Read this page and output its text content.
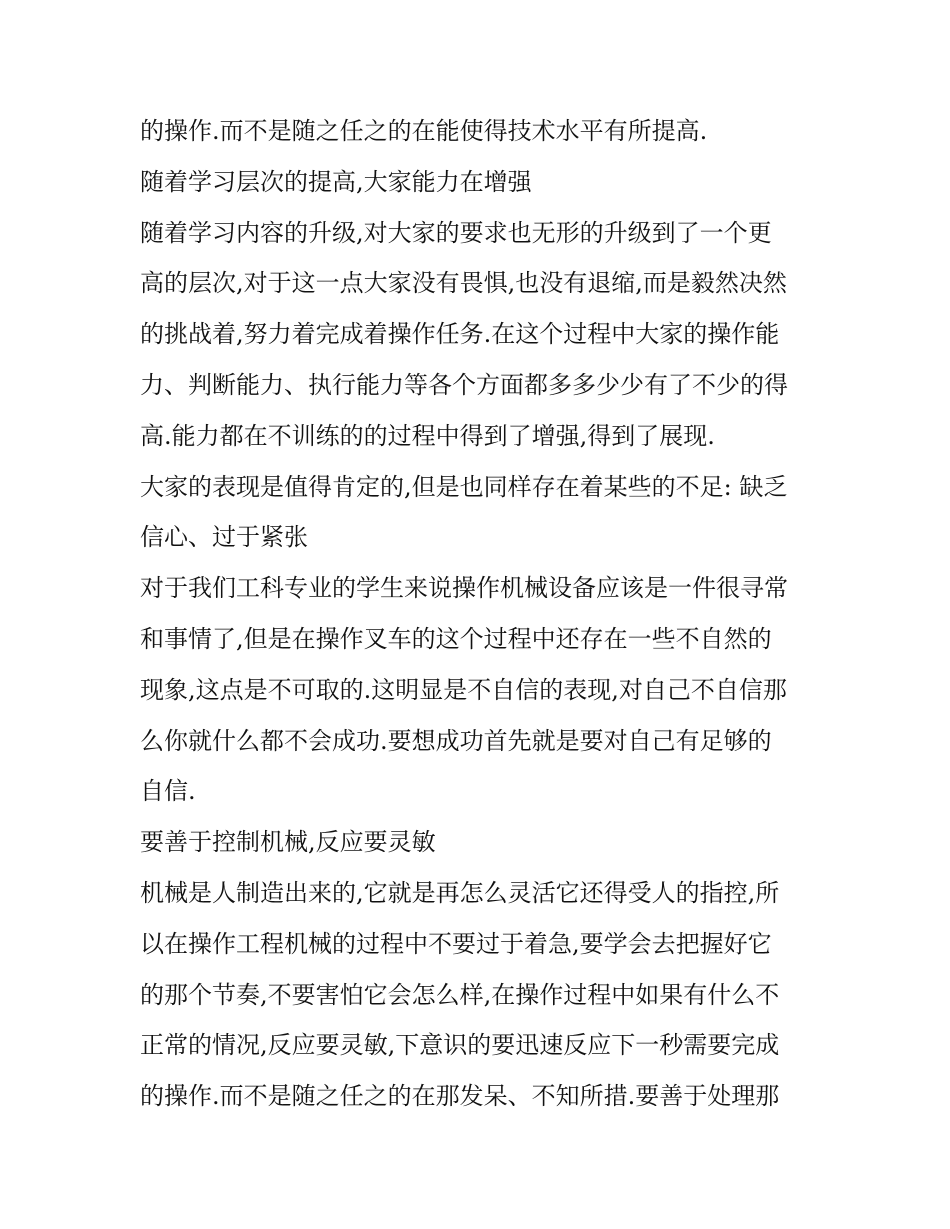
的操作.而不是随之任之的在能使得技术水平有所提高.

随着学习层次的提高,大家能力在增强

随着学习内容的升级,对大家的要求也无形的升级到了一个更

高的层次,对于这一点大家没有畏惧,也没有退缩,而是毅然决然

的挑战着,努力着完成着操作任务.在这个过程中大家的操作能

力、判断能力、执行能力等各个方面都多多少少有了不少的得

高.能力都在不训练的的过程中得到了增强,得到了展现.

大家的表现是值得肯定的,但是也同样存在着某些的不足: 缺乏

信心、过于紧张

对于我们工科专业的学生来说操作机械设备应该是一件很寻常

和事情了,但是在操作叉车的这个过程中还存在一些不自然的

现象,这点是不可取的.这明显是不自信的表现,对自己不自信那

么你就什么都不会成功.要想成功首先就是要对自己有足够的

自信.

要善于控制机械,反应要灵敏

机械是人制造出来的,它就是再怎么灵活它还得受人的指控,所

以在操作工程机械的过程中不要过于着急,要学会去把握好它

的那个节奏,不要害怕它会怎么样,在操作过程中如果有什么不

正常的情况,反应要灵敏,下意识的要迅速反应下一秒需要完成

的操作.而不是随之任之的在那发呆、不知所措.要善于处理那
